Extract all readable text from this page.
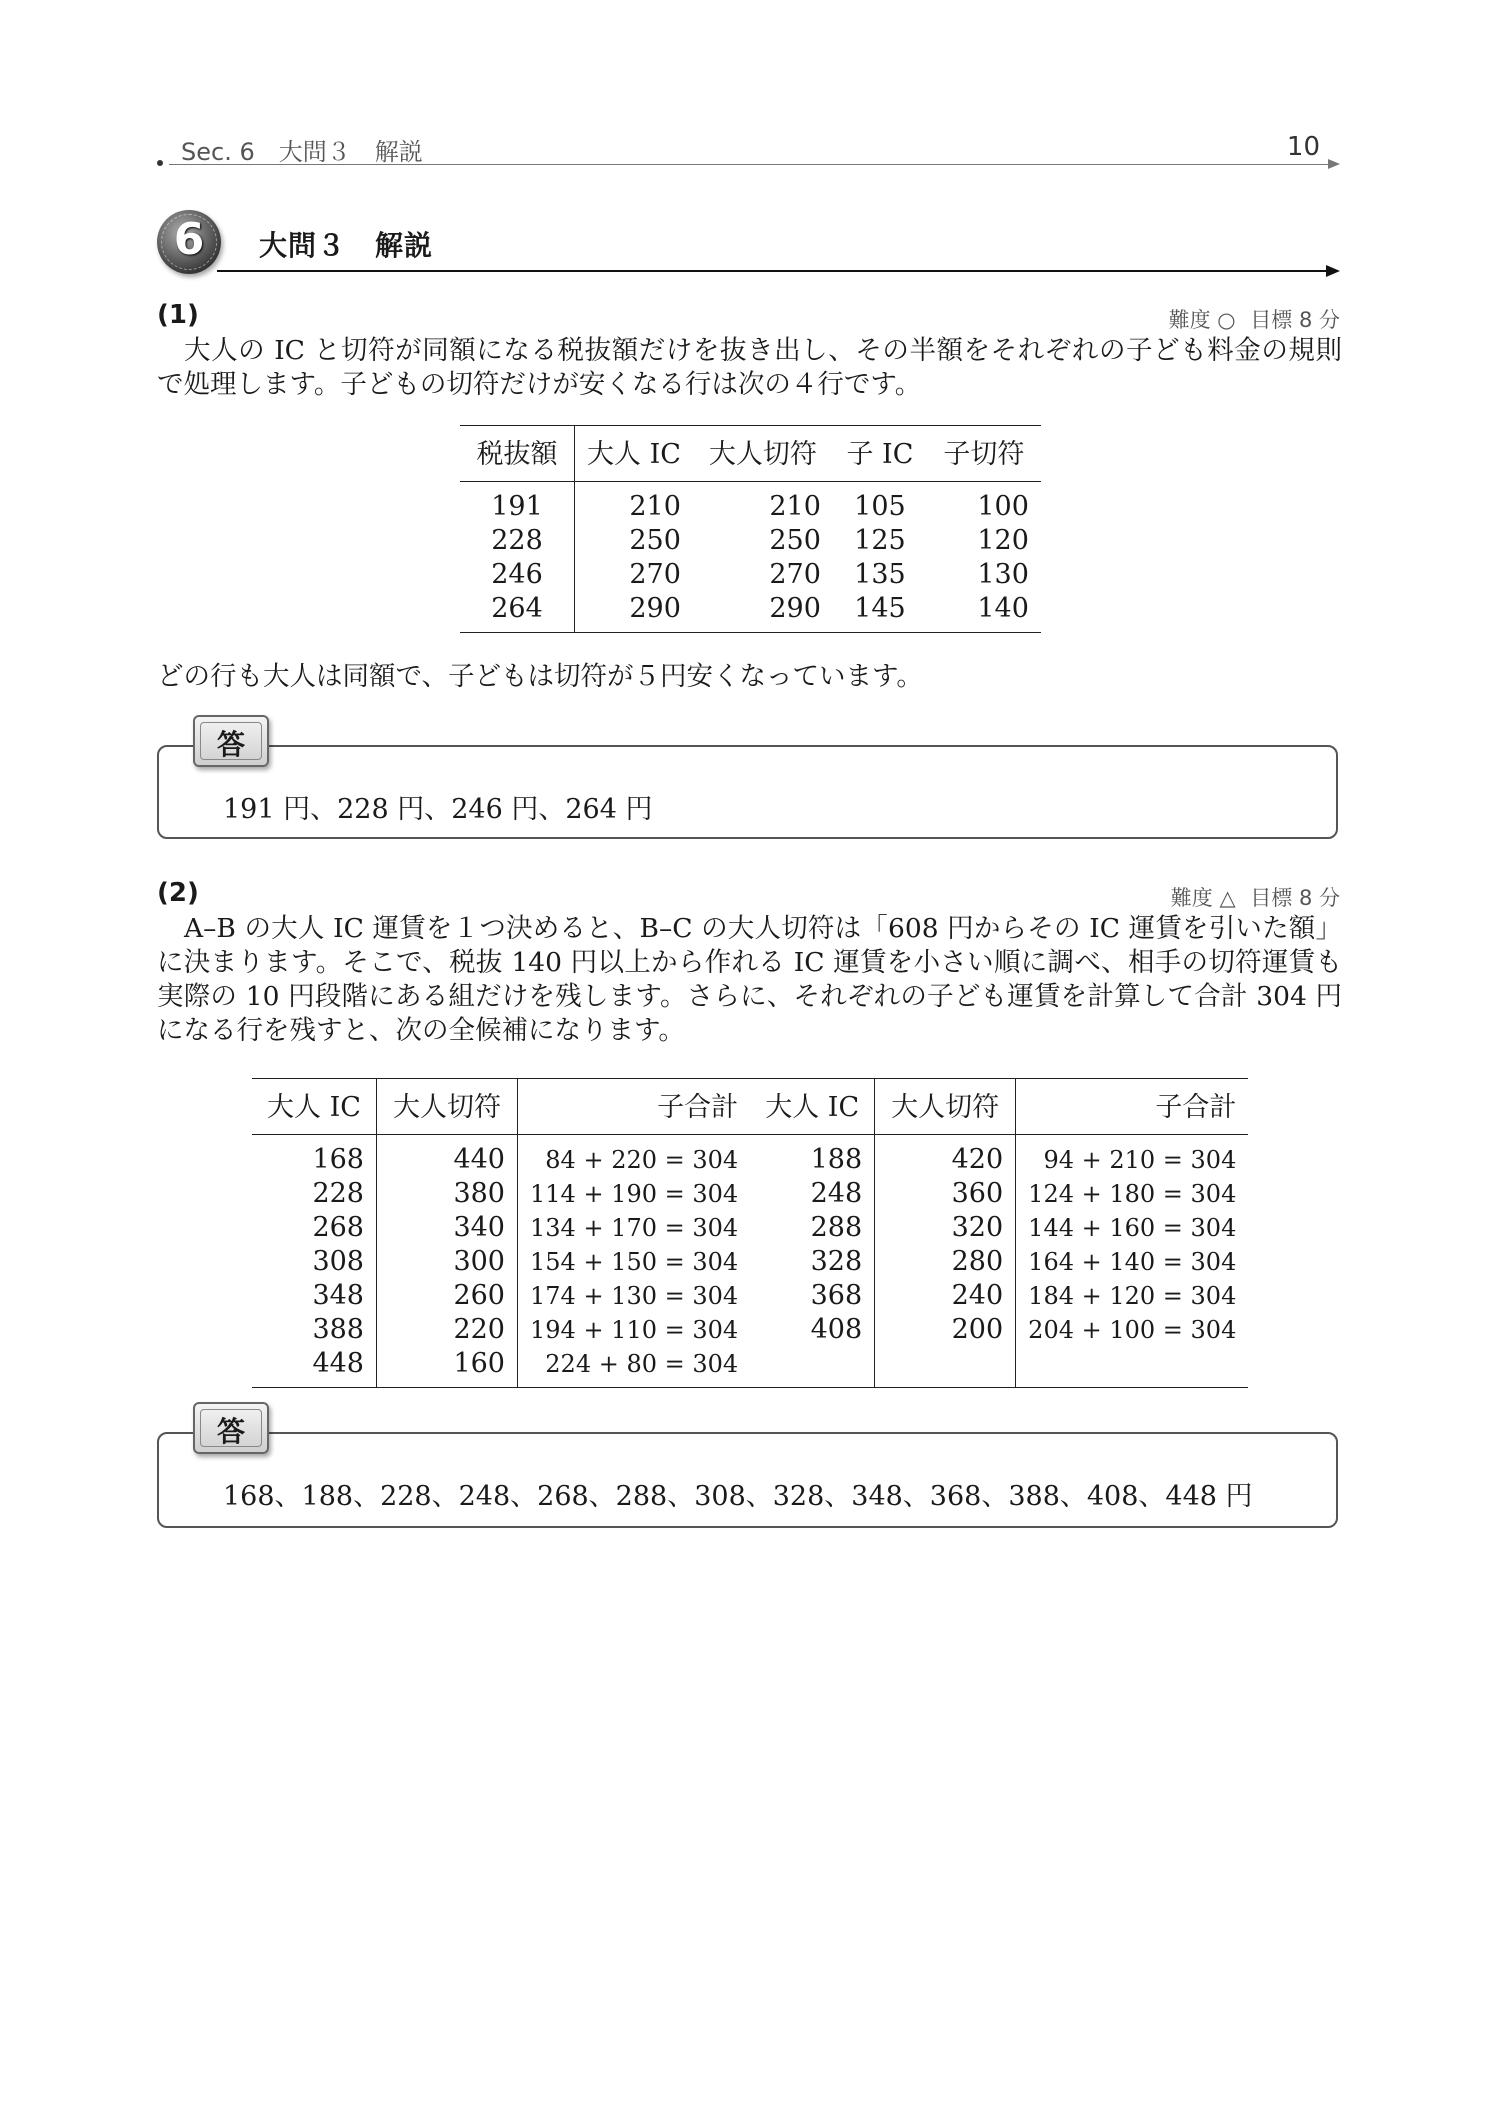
Sec. 6　大問３　解説	10
6	大問３　解説
(1)	難度 ○ 目標 8 分
大人の IC と切符が同額になる税抜額だけを抜き出し、その半額をそれぞれの子ども料金の規則で処理します。子どもの切符だけが安くなる行は次の４行です。
税抜額	大人 IC	大人切符	子 IC	子切符
191	210	210	105	100
228	250	250	125	120
246	270	270	135	130
264	290	290	145	140
どの行も大人は同額で、子どもは切符が５円安くなっています。
答
191 円、228 円、246 円、264 円
(2)	難度 △ 目標 8 分
A–B の大人 IC 運賃を１つ決めると、B–C の大人切符は「608 円からその IC 運賃を引いた額」に決まります。そこで、税抜 140 円以上から作れる IC 運賃を小さい順に調べ、相手の切符運賃も実際の 10 円段階にある組だけを残します。さらに、それぞれの子ども運賃を計算して合計 304 円になる行を残すと、次の全候補になります。
大人 IC	大人切符	子合計	大人 IC	大人切符	子合計
168	440	84 + 220 = 304	188	420	94 + 210 = 304
228	380	114 + 190 = 304	248	360	124 + 180 = 304
268	340	134 + 170 = 304	288	320	144 + 160 = 304
308	300	154 + 150 = 304	328	280	164 + 140 = 304
348	260	174 + 130 = 304	368	240	184 + 120 = 304
388	220	194 + 110 = 304	408	200	204 + 100 = 304
448	160	224 + 80 = 304			
答
168、188、228、248、268、288、308、328、348、368、388、408、448 円
